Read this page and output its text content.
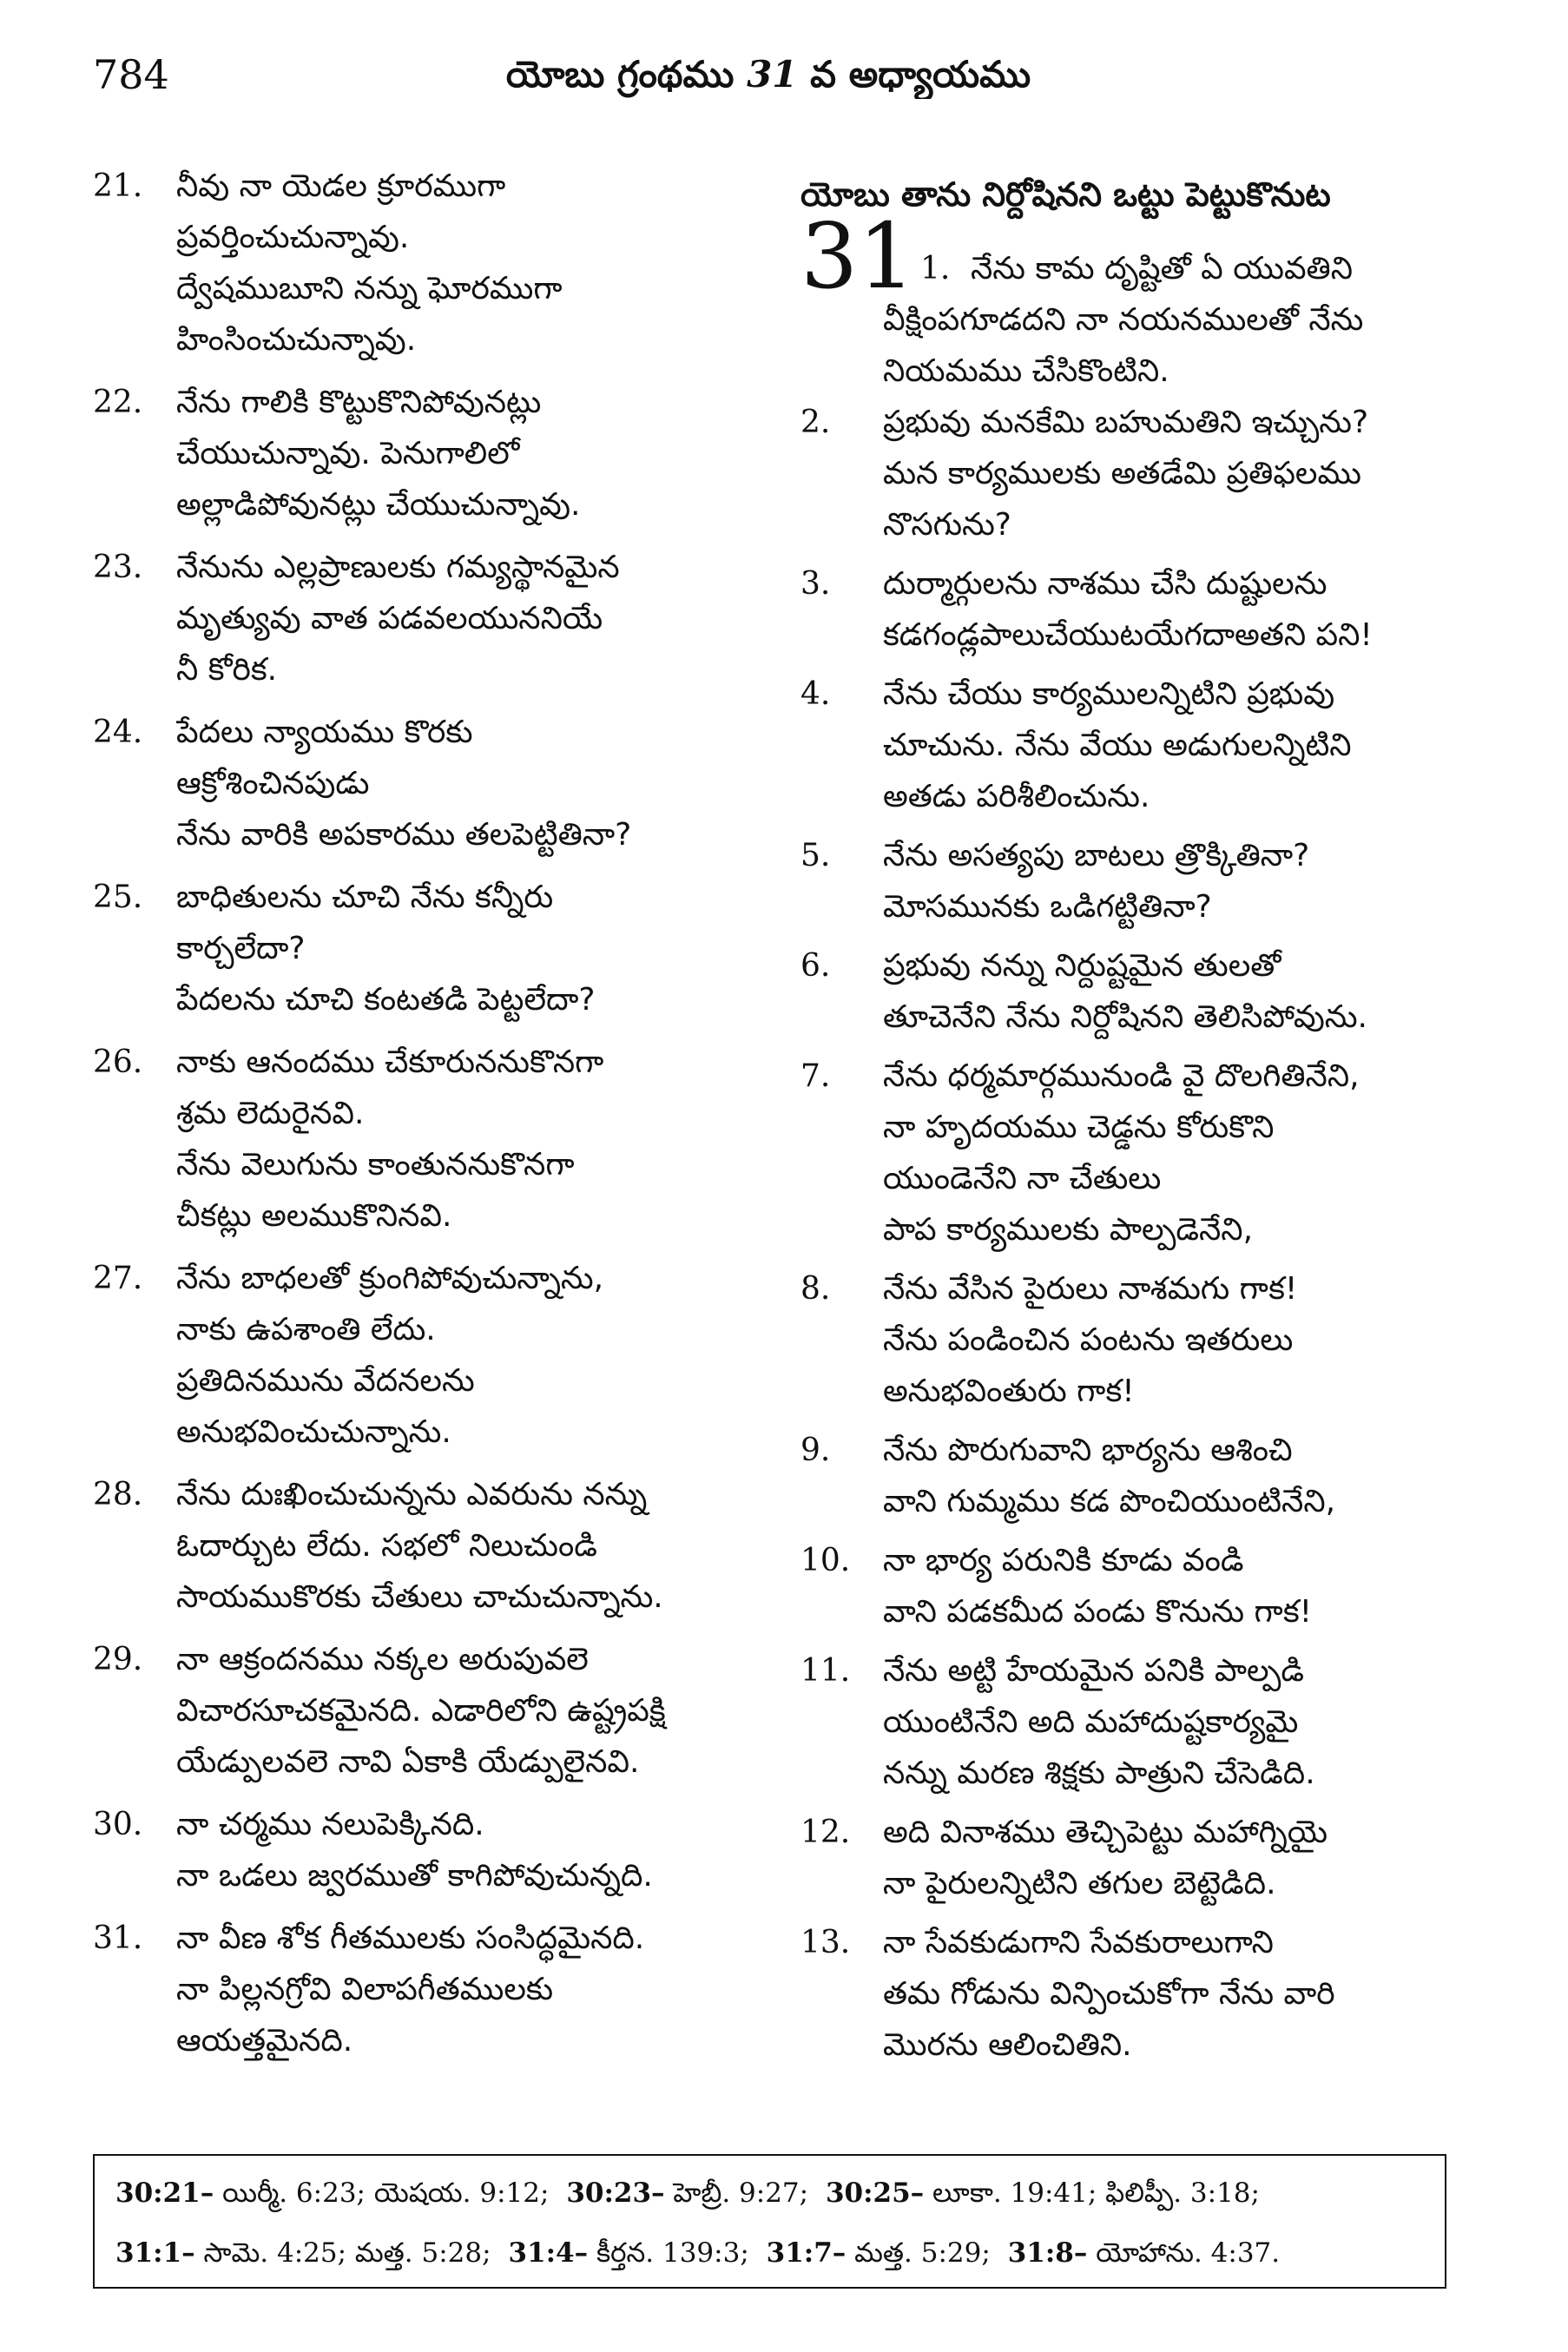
784	యోబు గ్రంథము 31 వ అధ్యాయము
21.	నీవు నా యెడల క్రూరముగా
ప్రవర్తించుచున్నావు.
ద్వేషముబూని నన్ను ఘోరముగా
హింసించుచున్నావు.
22.	నేను గాలికి కొట్టుకొనిపోవునట్లు
చేయుచున్నావు. పెనుగాలిలో
అల్లాడిపోవునట్లు చేయుచున్నావు.
23.	నేనును ఎల్లప్రాణులకు గమ్యస్థానమైన
మృత్యువు వాత పడవలయుననియే
నీ కోరిక.
24.	పేదలు న్యాయము కొరకు
ఆక్రోశించినపుడు
నేను వారికి అపకారము తలపెట్టితినా?
25.	బాధితులను చూచి నేను కన్నీరు
కార్చలేదా?
పేదలను చూచి కంటతడి పెట్టలేదా?
26.	నాకు ఆనందము చేకూరుననుకొనగా
శ్రమ లెదురైనవి.
నేను వెలుగును కాంతుననుకొనగా
చీకట్లు అలముకొనినవి.
27.	నేను బాధలతో క్రుంగిపోవుచున్నాను,
నాకు ఉపశాంతి లేదు.
ప్రతిదినమును వేదనలను
అనుభవించుచున్నాను.
28.	నేను దుఃఖించుచున్నను ఎవరును నన్ను
ఓదార్చుట లేదు. సభలో నిలుచుండి
సాయముకొరకు చేతులు చాచుచున్నాను.
29.	నా ఆక్రందనము నక్కల అరుపువలె
విచారసూచకమైనది. ఎడారిలోని ఉష్ట్రపక్షి
యేడ్పులవలె నావి ఏకాకి యేడ్పులైనవి.
30.	నా చర్మము నలుపెక్కినది.
నా ఒడలు జ్వరముతో కాగిపోవుచున్నది.
31.	నా వీణ శోక గీతములకు సంసిద్ధమైనది.
నా పిల్లనగ్రోవి విలాపగీతములకు
ఆయత్తమైనది.
యోబు తాను నిర్దోషినని ఒట్టు పెట్టుకొనుట
31 1. నేను కామ దృష్టితో ఏ యువతిని
వీక్షింపగూడదని నా నయనములతో నేను
నియమము చేసికొంటిని.
2.	ప్రభువు మనకేమి బహుమతిని ఇచ్చును?
మన కార్యములకు అతడేమి ప్రతిఫలము
నొసగును?
3.	దుర్మార్గులను నాశము చేసి దుష్టులను
కడగండ్లపాలుచేయుటయేగదాఅతని పని!
4.	నేను చేయు కార్యములన్నిటిని ప్రభువు
చూచును. నేను వేయు అడుగులన్నిటిని
అతడు పరిశీలించును.
5.	నేను అసత్యపు బాటలు త్రొక్కితినా?
మోసమునకు ఒడిగట్టితినా?
6.	ప్రభువు నన్ను నిర్దుష్టమైన తులతో
తూచెనేని నేను నిర్దోషినని తెలిసిపోవును.
7.	నేను ధర్మమార్గమునుండి వై దొలగితినేని,
నా హృదయము చెడ్డను కోరుకొని
యుండెనేని నా చేతులు
పాప కార్యములకు పాల్పడెనేని,
8.	నేను వేసిన పైరులు నాశమగు గాక!
నేను పండించిన పంటను ఇతరులు
అనుభవింతురు గాక!
9.	నేను పొరుగువాని భార్యను ఆశించి
వాని గుమ్మము కడ పొంచియుంటినేని,
10.	నా భార్య పరునికి కూడు వండి
వాని పడకమీద పండు కొనును గాక!
11.	నేను అట్టి హేయమైన పనికి పాల్పడి
యుంటినేని అది మహాదుష్టకార్యమై
నన్ను మరణ శిక్షకు పాత్రుని చేసెడిది.
12.	అది వినాశము తెచ్చిపెట్టు మహాగ్నియై
నా పైరులన్నిటిని తగుల బెట్టెడిది.
13.	నా సేవకుడుగాని సేవకురాలుగాని
తమ గోడును విన్పించుకోగా నేను వారి
మొరను ఆలించితిని.
30:21– యిర్మీ. 6:23; యెషయ. 9:12; 30:23– హెబ్రీ. 9:27; 30:25– లూకా. 19:41; ఫిలిప్పీ. 3:18;
31:1– సామె. 4:25; మత్త. 5:28; 31:4– కీర్తన. 139:3; 31:7– మత్త. 5:29; 31:8– యోహాను. 4:37.
